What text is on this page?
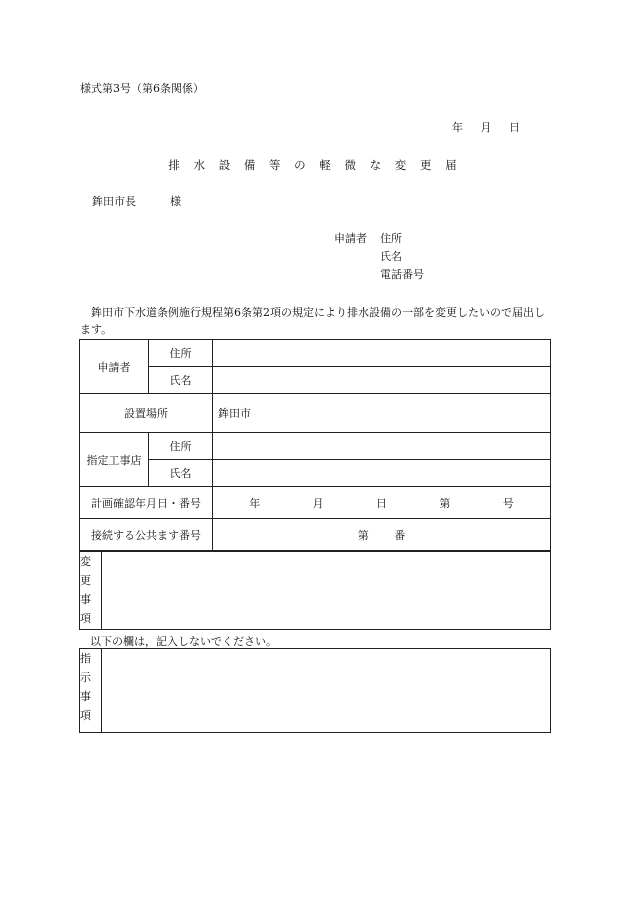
様式第3号（第6条関係）
年 月 日
排 水 設 備 等 の 軽 微 な 変 更 届
鉾田市長	様
申請者	住所
氏名
電話番号
鉾田市下水道条例施行規程第6条第2項の規定により排水設備の一部を変更したいので届出します。
申請者	住所	
	氏名	
設置場所		鉾田市
指定工事店	住所	
	氏名	
計画確認年月日・番号		年 月 日 第 号

接続する公共ます番号		第 番
変
更
事
項

以下の欄は，記入しないでください。
指
示
事
項
